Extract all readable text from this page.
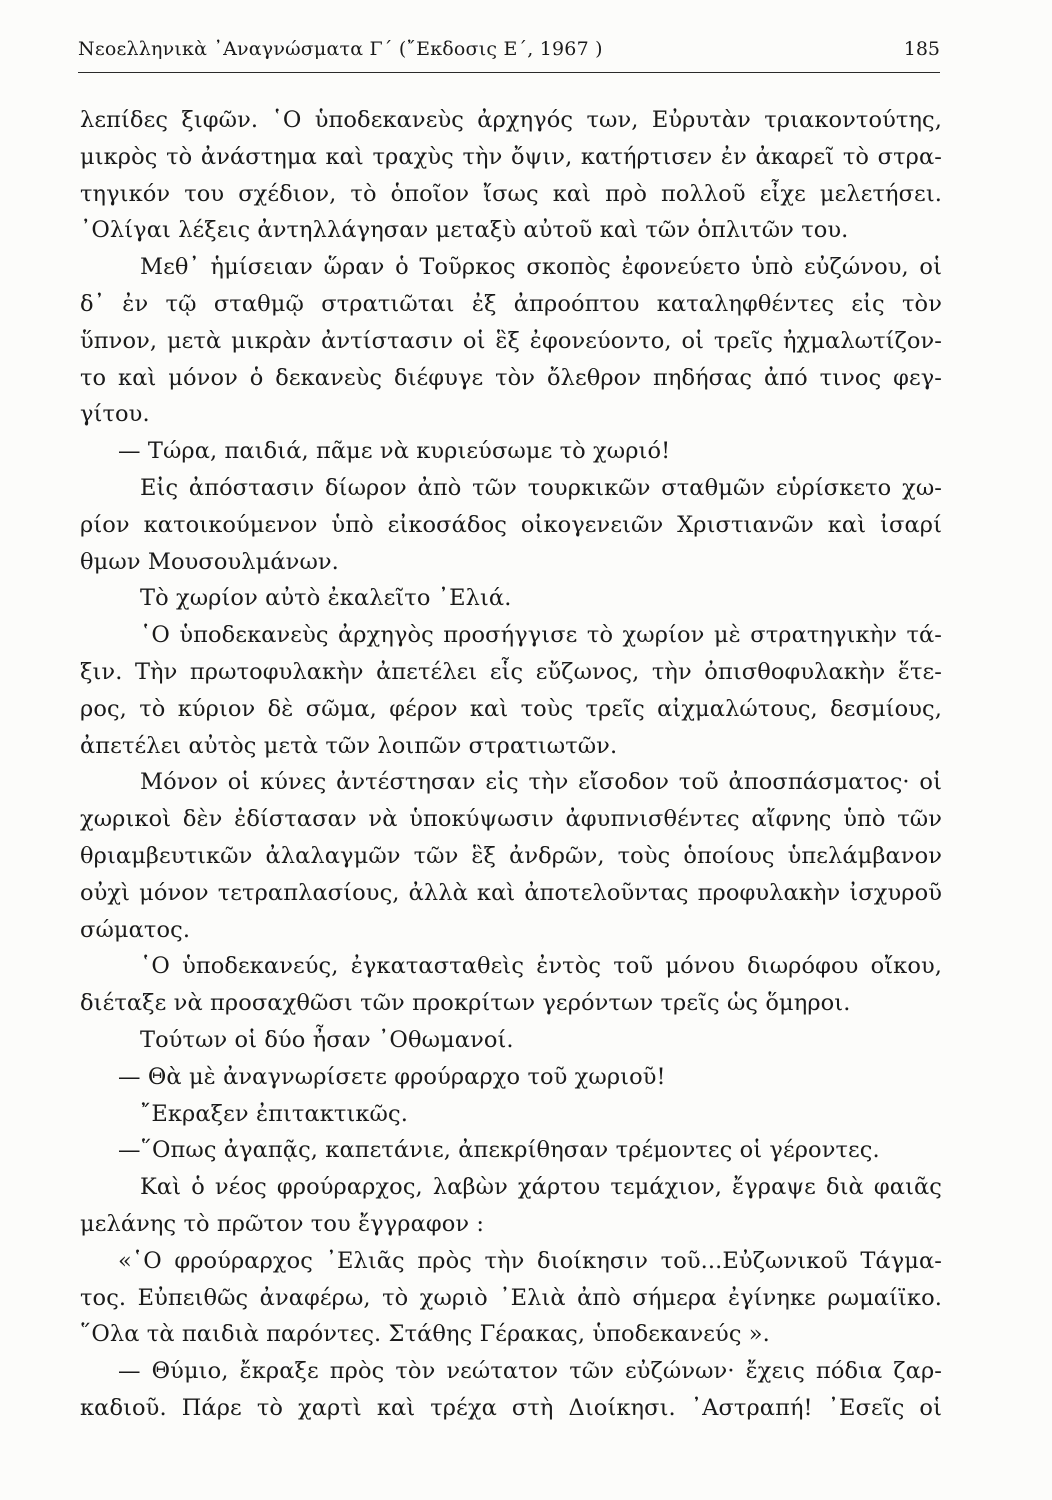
Νεοελληνικὰ ᾽Αναγνώσματα Γ΄ (῎Εκδοσις Ε΄, 1967 )	185
λεπίδες ξιφῶν. ῾Ο ὑποδεκανεὺς ἀρχηγός των, Εὐρυτὰν τριακοντούτης,
μικρὸς τὸ ἀνάστημα καὶ τραχὺς τὴν ὄψιν, κατήρτισεν ἐν ἀκαρεῖ τὸ στρα-
τηγικόν του σχέδιον, τὸ ὁποῖον ἴσως καὶ πρὸ πολλοῦ εἶχε μελετήσει.
᾽Ολίγαι λέξεις ἀντηλλάγησαν μεταξὺ αὐτοῦ καὶ τῶν ὁπλιτῶν του.
Μεθ᾽ ἡμίσειαν ὥραν ὁ Τοῦρκος σκοπὸς ἐφονεύετο ὑπὸ εὐζώνου, οἱ
δ᾽ ἐν τῷ σταθμῷ στρατιῶται ἐξ ἀπροόπτου καταληφθέντες εἰς τὸν
ὕπνον, μετὰ μικρὰν ἀντίστασιν οἱ ἓξ ἐφονεύοντο, οἱ τρεῖς ἠχμαλωτίζον-
το καὶ μόνον ὁ δεκανεὺς διέφυγε τὸν ὄλεθρον πηδήσας ἀπό τινος φεγ-
γίτου.
— Τώρα, παιδιά, πᾶμε νὰ κυριεύσωμε τὸ χωριό!
Εἰς ἀπόστασιν δίωρον ἀπὸ τῶν τουρκικῶν σταθμῶν εὑρίσκετο χω-
ρίον κατοικούμενον ὑπὸ εἰκοσάδος οἰκογενειῶν Χριστιανῶν καὶ ἰσαρί
θμων Μουσουλμάνων.
Τὸ χωρίον αὐτὸ ἐκαλεῖτο ᾽Ελιά.
῾Ο ὑποδεκανεὺς ἀρχηγὸς προσήγγισε τὸ χωρίον μὲ στρατηγικὴν τά-
ξιν. Τὴν πρωτοφυλακὴν ἀπετέλει εἷς εὔζωνος, τὴν ὀπισθοφυλακὴν ἕτε-
ρος, τὸ κύριον δὲ σῶμα, φέρον καὶ τοὺς τρεῖς αἰχμαλώτους, δεσμίους,
ἀπετέλει αὐτὸς μετὰ τῶν λοιπῶν στρατιωτῶν.
Μόνον οἱ κύνες ἀντέστησαν εἰς τὴν εἴσοδον τοῦ ἀποσπάσματος· οἱ
χωρικοὶ δὲν ἐδίστασαν νὰ ὑποκύψωσιν ἀφυπνισθέντες αἴφνης ὑπὸ τῶν
θριαμβευτικῶν ἀλαλαγμῶν τῶν ἓξ ἀνδρῶν, τοὺς ὁποίους ὑπελάμβανον
οὐχὶ μόνον τετραπλασίους, ἀλλὰ καὶ ἀποτελοῦντας προφυλακὴν ἰσχυροῦ
σώματος.
῾Ο ὑποδεκανεύς, ἐγκατασταθεὶς ἐντὸς τοῦ μόνου διωρόφου οἴκου,
διέταξε νὰ προσαχθῶσι τῶν προκρίτων γερόντων τρεῖς ὡς ὅμηροι.
Τούτων οἱ δύο ἦσαν ᾽Οθωμανοί.
— Θὰ μὲ ἀναγνωρίσετε φρούραρχο τοῦ χωριοῦ!
῎Εκραξεν ἐπιτακτικῶς.
—῞Οπως ἀγαπᾷς, καπετάνιε, ἀπεκρίθησαν τρέμοντες οἱ γέροντες.
Καὶ ὁ νέος φρούραρχος, λαβὼν χάρτου τεμάχιον, ἔγραψε διὰ φαιᾶς
μελάνης τὸ πρῶτον του ἔγγραφον :
«῾Ο φρούραρχος ᾽Ελιᾶς πρὸς τὴν διοίκησιν τοῦ...Εὐζωνικοῦ Τάγμα-
τος. Εὐπειθῶς ἀναφέρω, τὸ χωριὸ ᾽Ελιὰ ἀπὸ σήμερα ἐγίνηκε ρωμαίϊκο.
῞Ολα τὰ παιδιὰ παρόντες. Στάθης Γέρακας, ὑποδεκανεύς ».
— Θύμιο, ἔκραξε πρὸς τὸν νεώτατον τῶν εὐζώνων· ἔχεις πόδια ζαρ-
καδιοῦ. Πάρε τὸ χαρτὶ καὶ τρέχα στὴ Διοίκησι. ᾽Αστραπή! ᾽Εσεῖς οἱ
